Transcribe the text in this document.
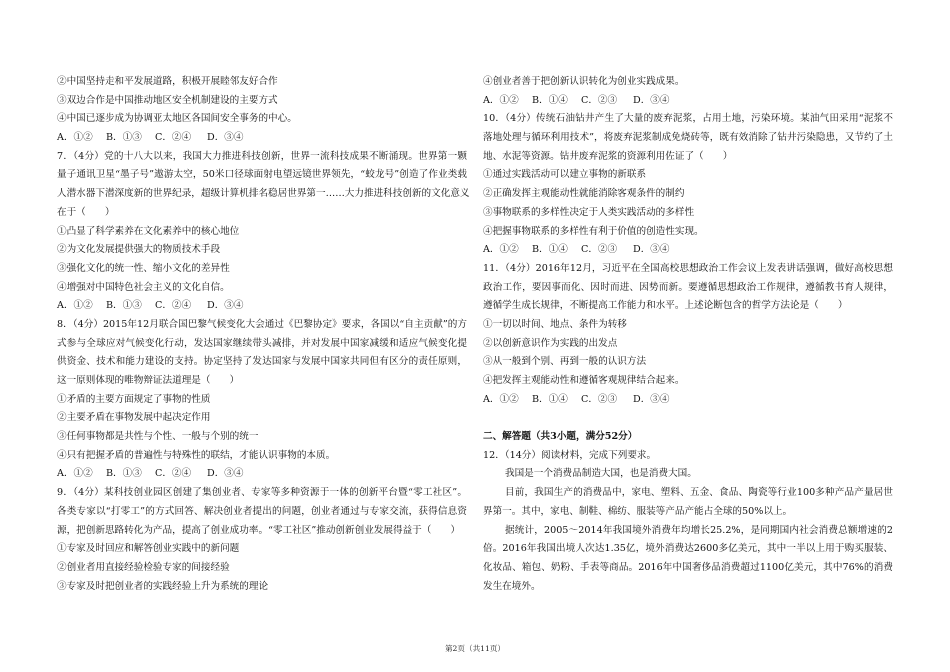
②中国坚持走和平发展道路，积极开展睦邻友好合作
③双边合作是中国推动地区安全机制建设的主要方式
④中国已逐步成为协调亚太地区各国间安全事务的中心。
A．①② B．①③ C．②④ D．③④
7．（4分）党的十八大以来，我国大力推进科技创新，世界一流科技成果不断涌现。世界第一颗
量子通讯卫星“墨子号”遨游太空，50米口径球面射电望远镜世界领先，“蛟龙号”创造了作业类载
人潜水器下潜深度新的世界纪录，超级计算机排名稳居世界第一……大力推进科技创新的文化意义
在于（　　）
①凸显了科学素养在文化素养中的核心地位
②为文化发展提供强大的物质技术手段
③强化文化的统一性、缩小文化的差异性
④增强对中国特色社会主义的文化自信。
A．①② B．①③ C．②④ D．③④
8．（4分）2015年12月联合国巴黎气候变化大会通过《巴黎协定》要求，各国以“自主贡献”的方
式参与全球应对气候变化行动，发达国家继续带头减排，并对发展中国家减缓和适应气候变化提
供资金、技术和能力建设的支持。协定坚持了发达国家与发展中国家共同但有区分的责任原则，
这一原则体现的唯物辩证法道理是（　　）
①矛盾的主要方面规定了事物的性质
②主要矛盾在事物发展中起决定作用
③任何事物都是共性与个性、一般与个别的统一
④只有把握矛盾的普遍性与特殊性的联结，才能认识事物的本质。
A．①② B．①③ C．②④ D．③④
9．（4分）某科技创业园区创建了集创业者、专家等多种资源于一体的创新平台暨“零工社区”。
各类专家以“打零工”的方式回答、解决创业者提出的问题，创业者通过与专家交流，获得信息资
源，把创新思路转化为产品，提高了创业成功率。“零工社区”推动创新创业发展得益于（　　）
①专家及时回应和解答创业实践中的新问题
②创业者用直接经验检验专家的间接经验
③专家及时把创业者的实践经验上升为系统的理论
④创业者善于把创新认识转化为创业实践成果。
A．①② B．①④ C．②③ D．③④
10．（4分）传统石油钻井产生了大量的废弃泥浆，占用土地，污染环境。某油气田采用“泥浆不
落地处理与循环利用技术”，将废弃泥浆制成免烧砖等，既有效消除了钻井污染隐患，又节约了土
地、水泥等资源。钻井废弃泥浆的资源利用佐证了（　　）
①通过实践活动可以建立事物的新联系
②正确发挥主观能动性就能消除客观条件的制约
③事物联系的多样性决定于人类实践活动的多样性
④把握事物联系的多样性有利于价值的创造性实现。
A．①② B．①④ C．②③ D．③④
11．（4分）2016年12月，习近平在全国高校思想政治工作会议上发表讲话强调，做好高校思想
政治工作，要因事而化、因时而进、因势而新。要遵循思想政治工作规律，遵循教书育人规律，
遵循学生成长规律，不断提高工作能力和水平。上述论断包含的哲学方法论是（　　）
①一切以时间、地点、条件为转移
②以创新意识作为实践的出发点
③从一般到个别、再到一般的认识方法
④把发挥主观能动性和遵循客观规律结合起来。
A．①② B．①④ C．②③ D．③④
二、解答题（共3小题，满分52分）
12．（14分）阅读材料，完成下列要求。
我国是一个消费品制造大国，也是消费大国。
目前，我国生产的消费品中，家电、塑料、五金、食品、陶瓷等行业100多种产品产量居世
界第一。其中，家电、制鞋、棉纺、服装等产品产能占全球的50%以上。
据统计，2005～2014年我国境外消费年均增长25.2%，是同期国内社会消费总额增速的2
倍。2016年我国出境人次达1.35亿，境外消费达2600多亿美元，其中一半以上用于购买服装、
化妆品、箱包、奶粉、手表等商品。2016年中国奢侈品消费超过1100亿美元，其中76%的消费
发生在境外。
第2页（共11页）
